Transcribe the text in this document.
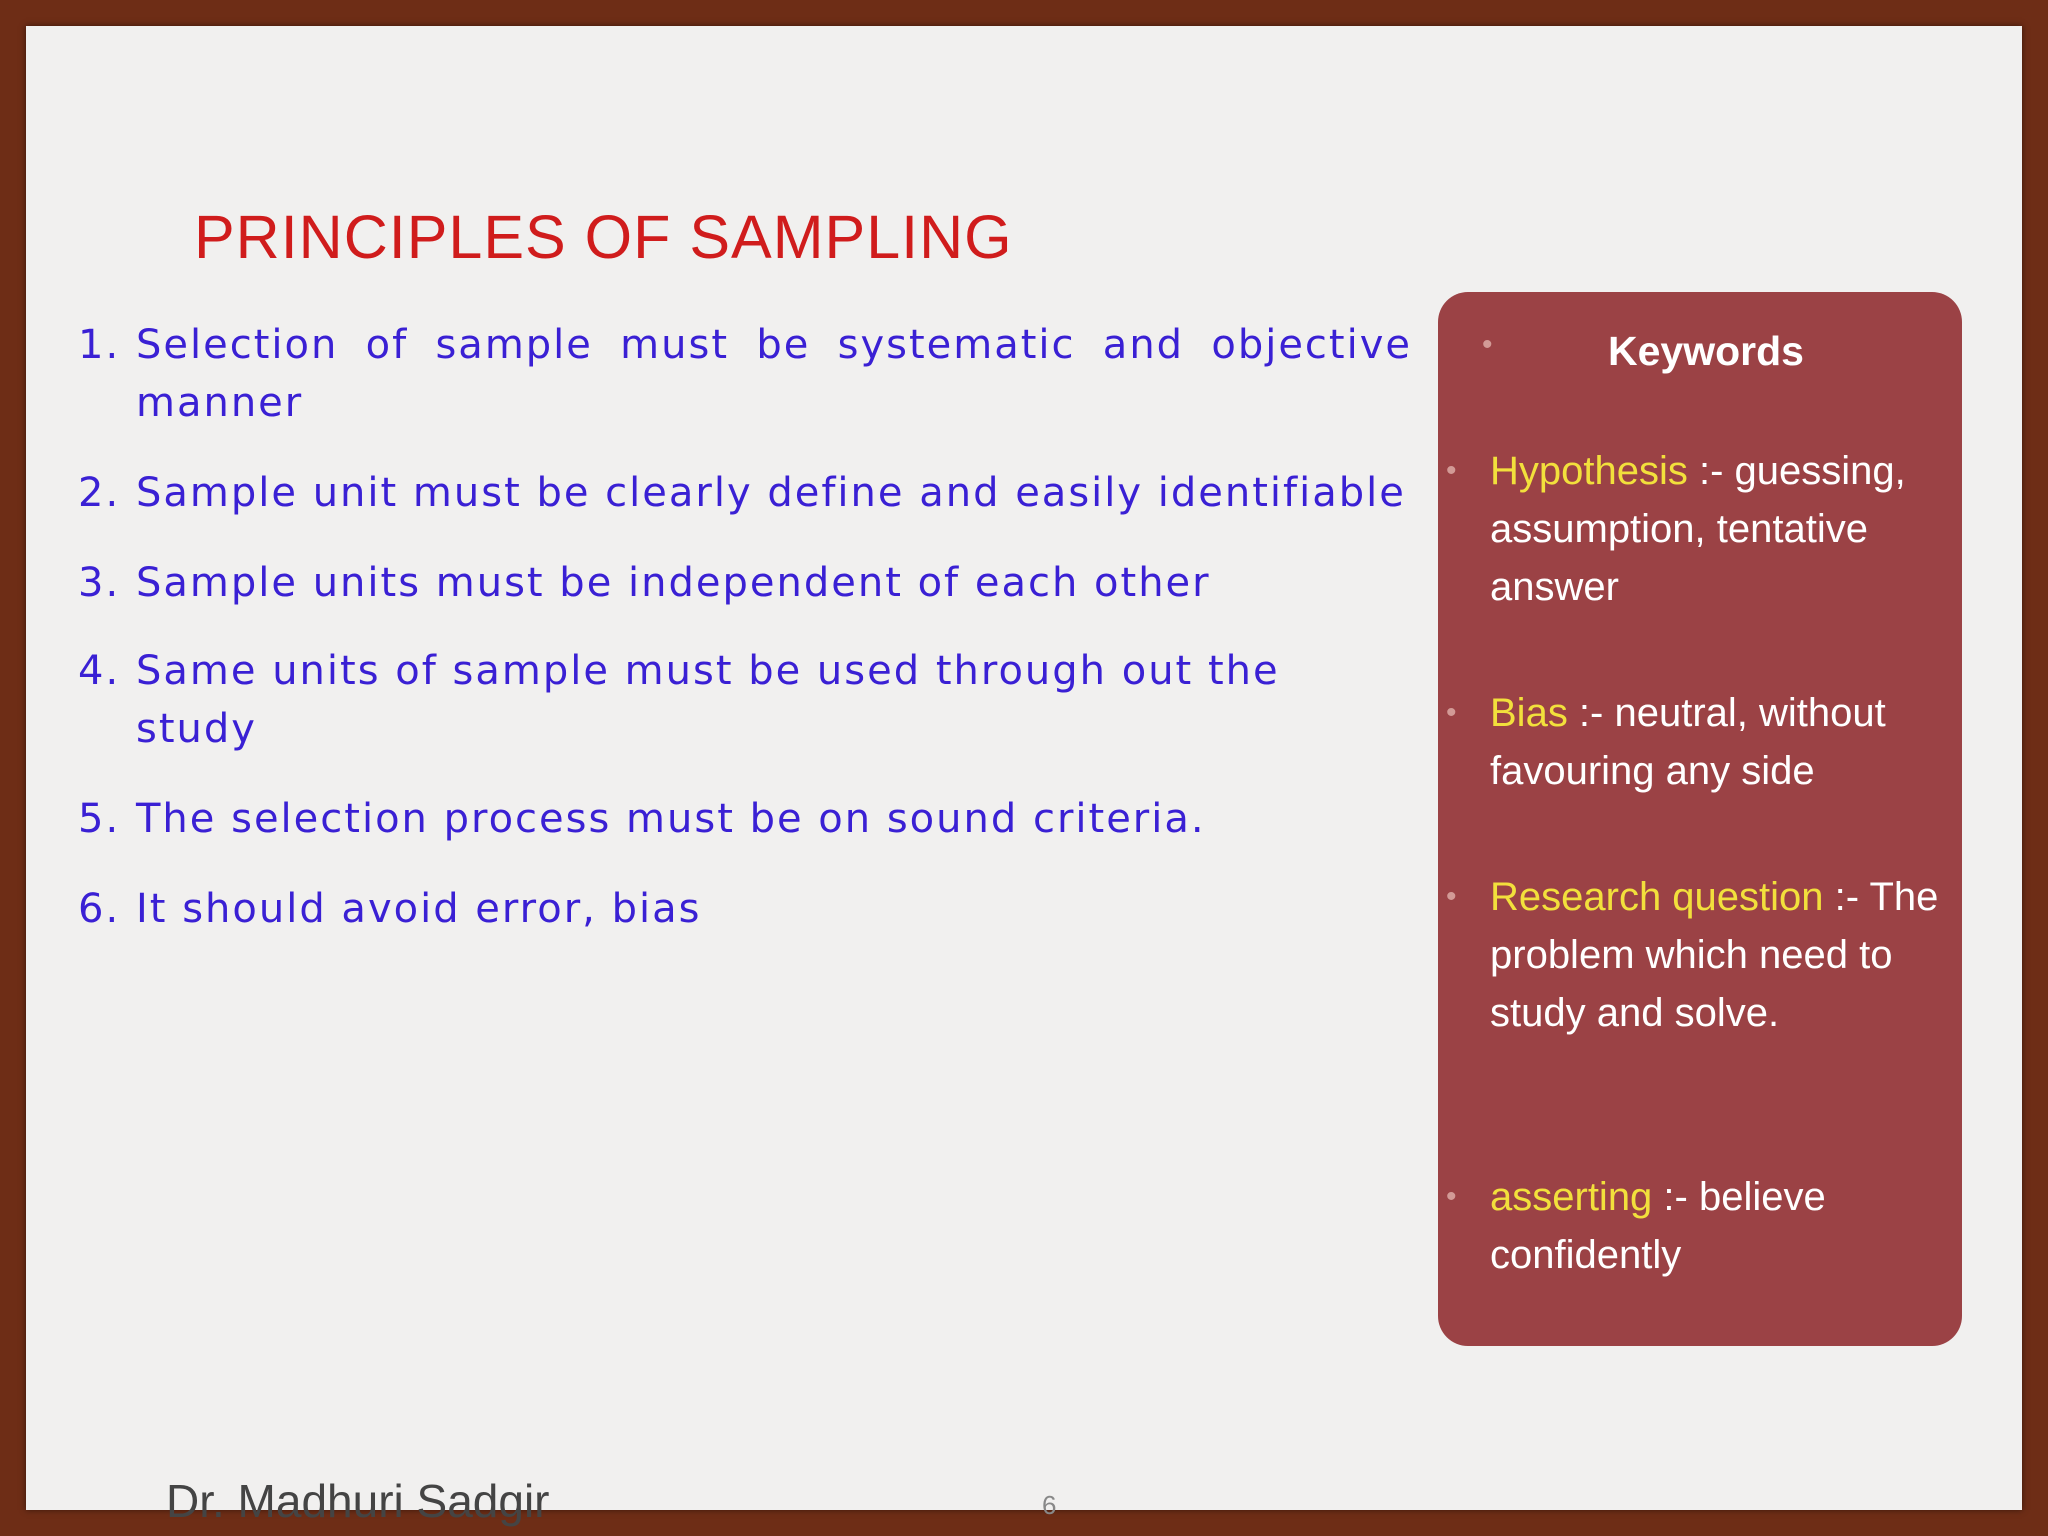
PRINCIPLES OF SAMPLING
1. Selection of sample must be systematic and objective manner
2. Sample unit must be clearly define and easily identifiable
3. Sample units must be independent of each other
4. Same units of sample must be used through out the study
5. The selection process must be on sound criteria.
6. It should avoid error, bias
•	Keywords
• Hypothesis :- guessing, assumption, tentative answer
• Bias :- neutral, without favouring any side
• Research question :- The problem which need to study and solve.
• asserting :- believe confidently
Dr. Madhuri Sadgir	6
